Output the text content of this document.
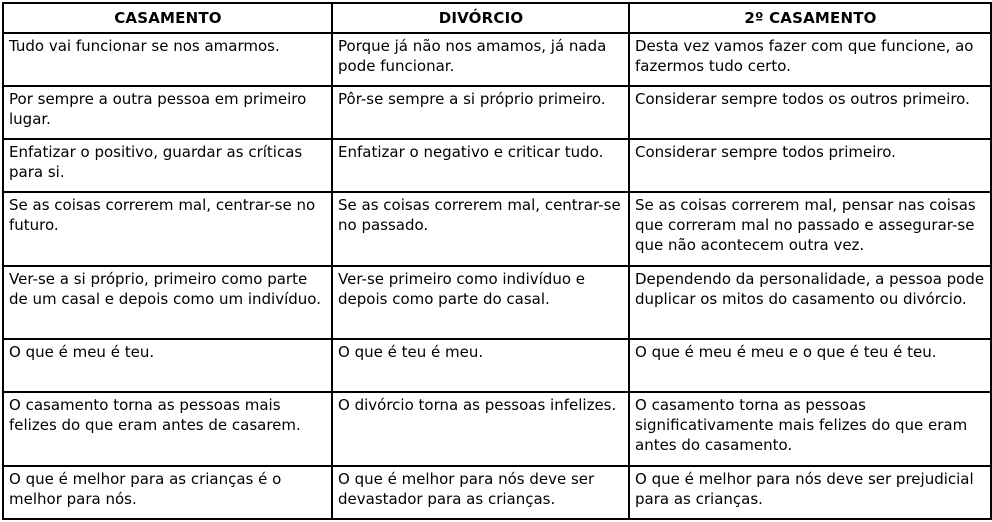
CASAMENTO	DIVÓRCIO	2º CASAMENTO
Tudo vai funcionar se nos amarmos.	Porque já não nos amamos, já nada pode funcionar.	Desta vez vamos fazer com que funcione, ao fazermos tudo certo.
Por sempre a outra pessoa em primeiro lugar.	Pôr-se sempre a si próprio primeiro.	Considerar sempre todos os outros primeiro.
Enfatizar o positivo, guardar as críticas para si.	Enfatizar o negativo e criticar tudo.	Considerar sempre todos primeiro.
Se as coisas correrem mal, centrar-se no futuro.	Se as coisas correrem mal, centrar-se no passado.	Se as coisas correrem mal, pensar nas coisas que correram mal no passado e assegurar-se que não acontecem outra vez.
Ver-se a si próprio, primeiro como parte de um casal e depois como um indivíduo.	Ver-se primeiro como indivíduo e depois como parte do casal.	Dependendo da personalidade, a pessoa pode duplicar os mitos do casamento ou divórcio.
O que é meu é teu.	O que é teu é meu.	O que é meu é meu e o que é teu é teu.
O casamento torna as pessoas mais felizes do que eram antes de casarem.	O divórcio torna as pessoas infelizes.	O casamento torna as pessoas significativamente mais felizes do que eram antes do casamento.
O que é melhor para as crianças é o melhor para nós.	O que é melhor para nós deve ser devastador para as crianças.	O que é melhor para nós deve ser prejudicial para as crianças.
